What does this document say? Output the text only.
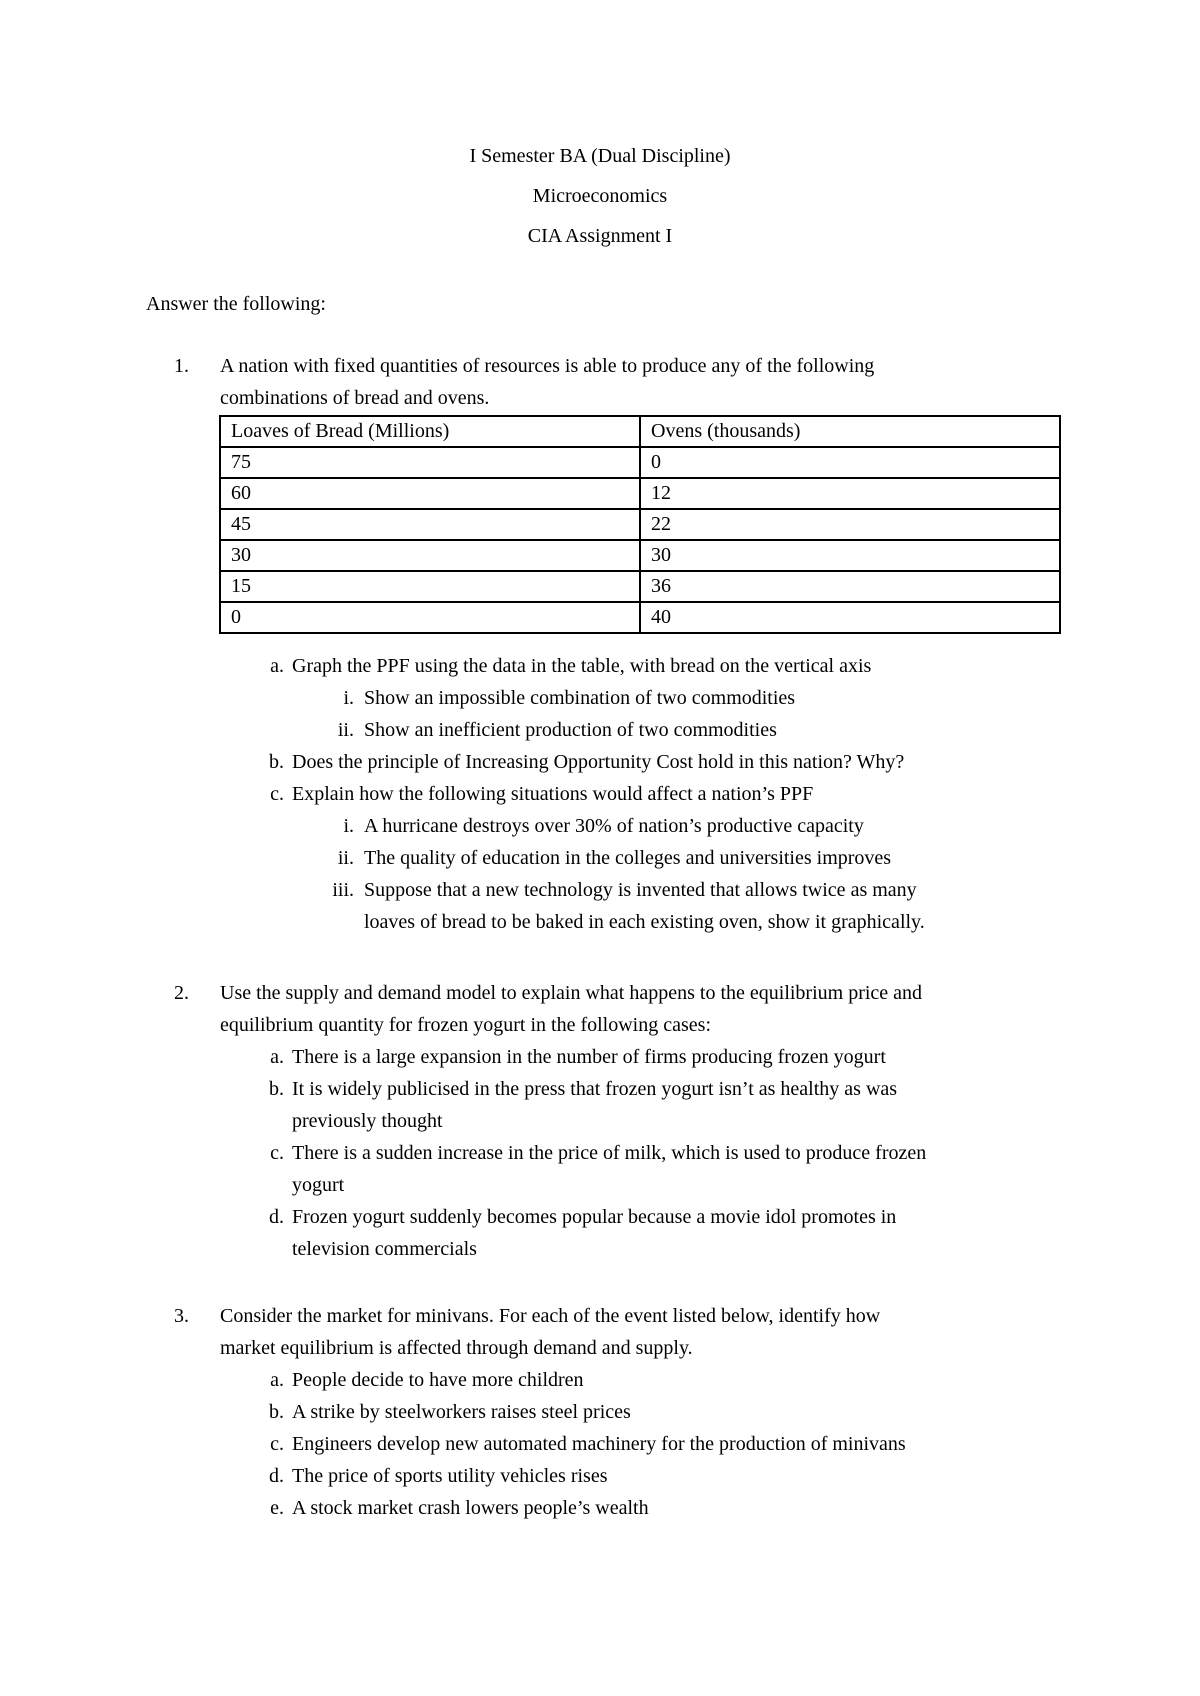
I Semester BA (Dual Discipline)
Microeconomics
CIA Assignment I
Answer the following:
1. A nation with fixed quantities of resources is able to produce any of the following
combinations of bread and ovens.
Loaves of Bread (Millions)	Ovens (thousands)
75	0
60	12
45	22
30	30
15	36
0	40
a. Graph the PPF using the data in the table, with bread on the vertical axis
i. Show an impossible combination of two commodities
ii. Show an inefficient production of two commodities
b. Does the principle of Increasing Opportunity Cost hold in this nation? Why?
c. Explain how the following situations would affect a nation’s PPF
i. A hurricane destroys over 30% of nation’s productive capacity
ii. The quality of education in the colleges and universities improves
iii. Suppose that a new technology is invented that allows twice as many
loaves of bread to be baked in each existing oven, show it graphically.
2. Use the supply and demand model to explain what happens to the equilibrium price and
equilibrium quantity for frozen yogurt in the following cases:
a. There is a large expansion in the number of firms producing frozen yogurt
b. It is widely publicised in the press that frozen yogurt isn’t as healthy as was
previously thought
c. There is a sudden increase in the price of milk, which is used to produce frozen
yogurt
d. Frozen yogurt suddenly becomes popular because a movie idol promotes in
television commercials
3. Consider the market for minivans. For each of the event listed below, identify how
market equilibrium is affected through demand and supply.
a. People decide to have more children
b. A strike by steelworkers raises steel prices
c. Engineers develop new automated machinery for the production of minivans
d. The price of sports utility vehicles rises
e. A stock market crash lowers people’s wealth
